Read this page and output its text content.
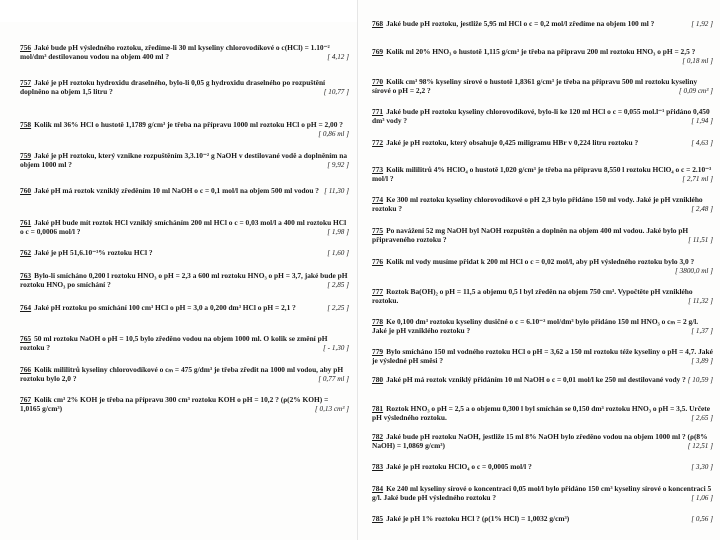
756 Jaké bude pH výsledného roztoku, zředíme-li 30 ml kyseliny chlorovodíkové o c(HCl) = 1.10⁻² mol/dm³ destilovanou vodou na objem 400 ml ?	[ 4,12 ]
757 Jaké je pH roztoku hydroxidu draselného, bylo-li 0,05 g hydroxidu draselného po rozpuštění doplněno na objem 1,5 litru ?	[ 10,77 ]
758 Kolik ml 36% HCl o hustotě 1,1789 g/cm³ je třeba na přípravu 1000 ml roztoku HCl o pH = 2,00 ?
[ 0,86 ml ]
759 Jaké je pH roztoku, který vznikne rozpuštěním 3,3.10⁻² g NaOH v destilované vodě a doplněním na objem 1000 ml ?	[ 9,92 ]
760 Jaké pH má roztok vzniklý zředěním 10 ml NaOH o c = 0,1 mol/l na objem 500 ml vodou ? [ 11,30 ]
761 Jaké pH bude mít roztok HCl vzniklý smícháním 200 ml HCl o c = 0,03 mol/l a 400 ml roztoku HCl o c = 0,0006 mol/l ?	[ 1,98 ]
762 Jaké je pH 51,6.10⁻³% roztoku HCl ?	[ 1,60 ]
763 Bylo-li smícháno 0,200 l roztoku HNO₃ o pH = 2,3 a 600 ml roztoku HNO₃ o pH = 3,7, jaké bude pH roztoku HNO₃ po smíchání ?	[ 2,85 ]
764 Jaké pH roztoku po smíchání 100 cm³ HCl o pH = 3,0 a 0,200 dm³ HCl o pH = 2,1 ?	[ 2,25 ]
765 50 ml roztoku NaOH o pH = 10,5 bylo zředěno vodou na objem 1000 ml. O kolik se změní pH roztoku ?	[ - 1,30 ]
766 Kolik mililitrů kyseliny chlorovodíkové o cₘ = 475 g/dm³ je třeba zředit na 1000 ml vodou, aby pH roztoku bylo 2,0 ?	[ 0,77 ml ]
767 Kolik cm³ 2% KOH je třeba na přípravu 300 cm³ roztoku KOH o pH = 10,2 ? (ρ(2% KOH) = 1,0165 g/cm³)	[ 0,13 cm³ ]
768 Jaké bude pH roztoku, jestliže 5,95 ml HCl o c = 0,2 mol/l zředíme na objem 100 ml ?	[ 1,92 ]
769 Kolik ml 20% HNO₃ o hustotě 1,115 g/cm³ je třeba na přípravu 200 ml roztoku HNO₃ o pH = 2,5 ?
[ 0,18 ml ]
770 Kolik cm³ 98% kyseliny sírové o hustotě 1,8361 g/cm³ je třeba na přípravu 500 ml roztoku kyseliny sírové o pH = 2,2 ?	[ 0,09 cm³ ]
771 Jaké bude pH roztoku kyseliny chlorovodíkové, bylo-li ke 120 ml HCl o c = 0,055 mol.l⁻¹ přidáno 0,450 dm³ vody ?	[ 1,94 ]
772 Jaké je pH roztoku, který obsahuje 0,425 miligramu HBr v 0,224 litru roztoku ?	[ 4,63 ]
773 Kolik mililitrů 4% HClO₄ o hustotě 1,020 g/cm³ je třeba na přípravu 8,550 l roztoku HClO₄ o c = 2.10⁻³ mol/l ?	[ 2,71 ml ]
774 Ke 300 ml roztoku kyseliny chlorovodíkové o pH 2,3 bylo přidáno 150 ml vody. Jaké je pH vzniklého roztoku ?	[ 2,48 ]
775 Po navážení 52 mg NaOH byl NaOH rozpuštěn a doplněn na objem 400 ml vodou. Jaké bylo pH připraveného roztoku ?	[ 11,51 ]
776 Kolik ml vody musíme přidat k 200 ml HCl o c = 0,02 mol/l, aby pH výsledného roztoku bylo 3,0 ?
[ 3800,0 ml ]
777 Roztok Ba(OH)₂ o pH = 11,5 a objemu 0,5 l byl zředěn na objem 750 cm³. Vypočtěte pH vzniklého roztoku.	[ 11,32 ]
778 Ke 0,100 dm³ roztoku kyseliny dusičné o c = 6.10⁻² mol/dm³ bylo přidáno 150 ml HNO₃ o cₘ = 2 g/l. Jaké je pH vzniklého roztoku ?	[ 1,37 ]
779 Bylo smícháno 150 ml vodného roztoku HCl o pH = 3,62 a 150 ml roztoku téže kyseliny o pH = 4,7. Jaké je výsledné pH směsi ?	[ 3,89 ]
780 Jaké pH má roztok vzniklý přidáním 10 ml NaOH o c = 0,01 mol/l ke 250 ml destilované vody ? [ 10,59 ]
781 Roztok HNO₃ o pH = 2,5 a o objemu 0,300 l byl smíchán se 0,150 dm³ roztoku HNO₃ o pH = 3,5. Určete pH výsledného roztoku.	[ 2,65 ]
782 Jaké bude pH roztoku NaOH, jestliže 15 ml 8% NaOH bylo zředěno vodou na objem 1000 ml ? (ρ(8% NaOH) = 1,0869 g/cm³)	[ 12,51 ]
783 Jaké je pH roztoku HClO₄ o c = 0,0005 mol/l ?	[ 3,30 ]
784 Ke 240 ml kyseliny sírové o koncentraci 0,05 mol/l bylo přidáno 150 cm³ kyseliny sírové o koncentraci 5 g/l. Jaké bude pH výsledného roztoku ?	[ 1,06 ]
785 Jaké je pH 1% roztoku HCl ? (ρ(1% HCl) = 1,0032 g/cm³)	[ 0,56 ]
